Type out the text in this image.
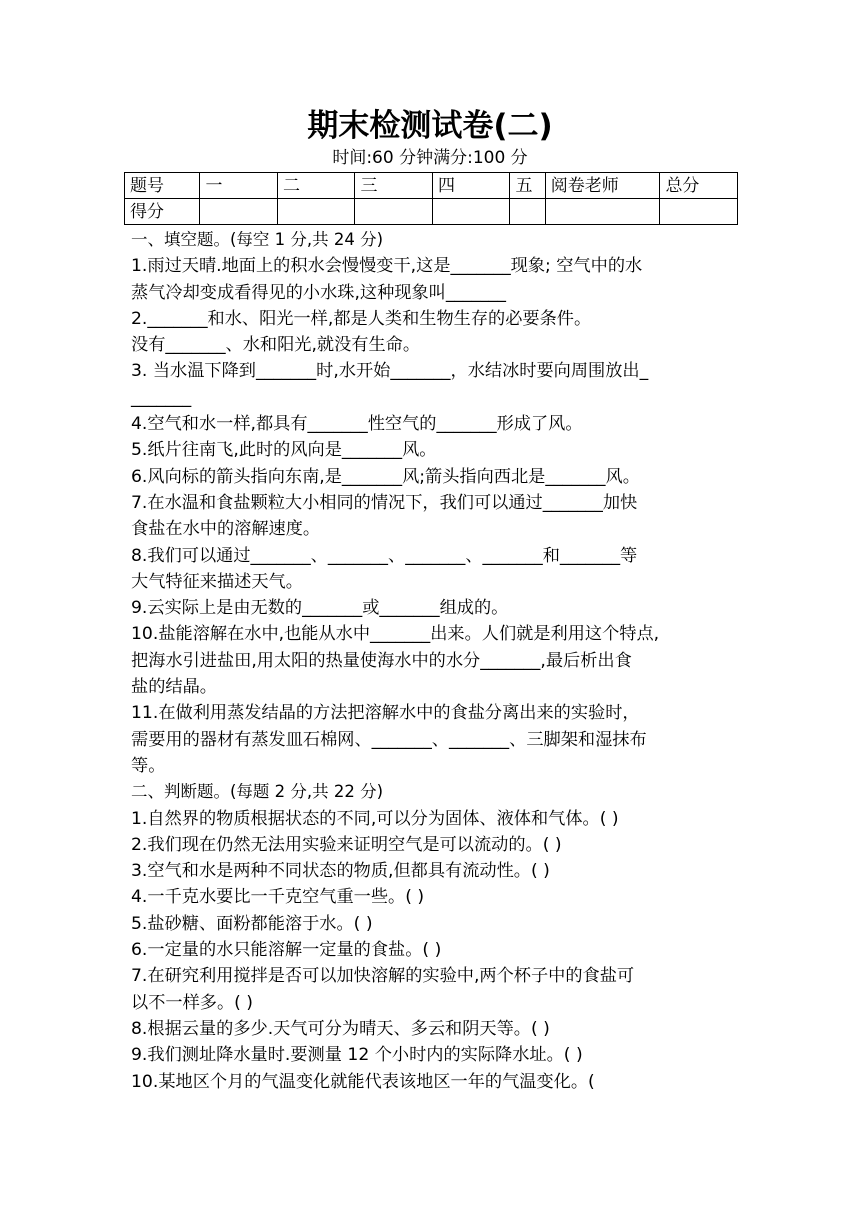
期末检测试卷(二)
时间:60 分钟满分:100 分
题号	一	二	三	四	五	阅卷老师	总分
得分							

一、填空题。(每空 1 分,共 24 分)

1.雨过天晴.地面上的积水会慢慢变干,这是_______现象; 空气中的水

蒸气冷却变成看得见的小水珠,这种现象叫_______

2._______和水、阳光一样,都是人类和生物生存的必要条件。

没有_______、水和阳光,就没有生命。

3. 当水温下降到_______时,水开始_______，水结冰时要向周围放出_

_______

4.空气和水一样,都具有_______性空气的_______形成了风。

5.纸片往南飞,此时的风向是_______风。

6.风向标的箭头指向东南,是_______风;箭头指向西北是_______风。

7.在水温和食盐颗粒大小相同的情况下，我们可以通过_______加快

食盐在水中的溶解速度。

8.我们可以通过_______、_______、_______、_______和_______等

大气特征来描述天气。

9.云实际上是由无数的_______或_______组成的。

10.盐能溶解在水中,也能从水中_______出来。人们就是利用这个特点,

把海水引进盐田,用太阳的热量使海水中的水分_______,最后析出食

盐的结晶。

11.在做利用蒸发结晶的方法把溶解水中的食盐分离出来的实验时，

需要用的器材有蒸发皿石棉网、_______、_______、三脚架和湿抹布

等。

二、判断题。(每题 2 分,共 22 分)

1.自然界的物质根据状态的不同,可以分为固体、液体和气体。( )

2.我们现在仍然无法用实验来证明空气是可以流动的。( )

3.空气和水是两种不同状态的物质,但都具有流动性。( )

4.一千克水要比一千克空气重一些。( )

5.盐砂糖、面粉都能溶于水。( )

6.一定量的水只能溶解一定量的食盐。( )

7.在研究利用搅拌是否可以加快溶解的实验中,两个杯子中的食盐可

以不一样多。( )

8.根据云量的多少.天气可分为晴天、多云和阴天等。( )

9.我们测址降水量时.要测量 12 个小时内的实际降水址。( )

10.某地区个月的气温变化就能代表该地区一年的气温变化。(
